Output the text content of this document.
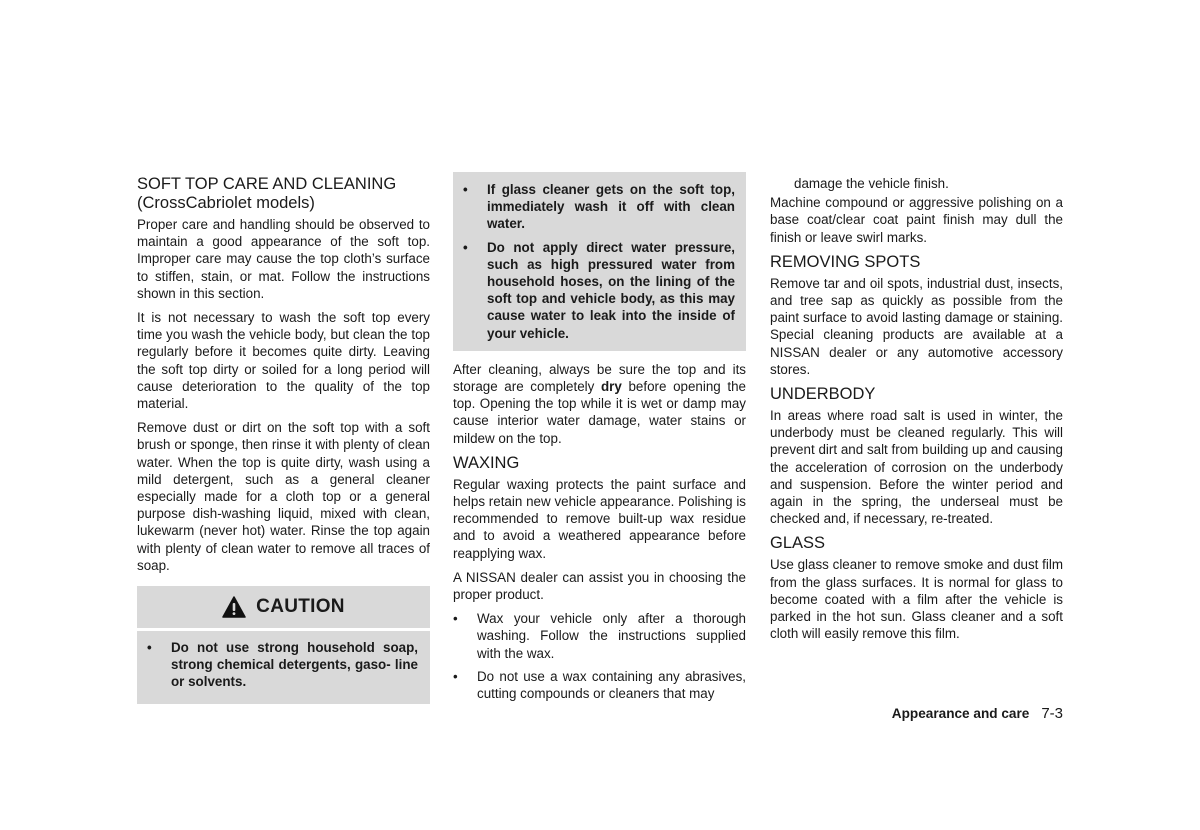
SOFT TOP CARE AND CLEANING
(CrossCabriolet models)

Proper care and handling should be observed to maintain a good appearance of the soft top. Improper care may cause the top cloth’s surface to stiffen, stain, or mat. Follow the instructions shown in this section.

It is not necessary to wash the soft top every time you wash the vehicle body, but clean the top regularly before it becomes quite dirty. Leaving the soft top dirty or soiled for a long period will cause deterioration to the quality of the top material.

Remove dust or dirt on the soft top with a soft brush or sponge, then rinse it with plenty of clean water. When the top is quite dirty, wash using a mild detergent, such as a general cleaner especially made for a cloth top or a general purpose dish-washing liquid, mixed with clean, lukewarm (never hot) water. Rinse the top again with plenty of clean water to remove all traces of soap.

CAUTION
• Do not use strong household soap, strong chemical detergents, gaso- line or solvents.
• If glass cleaner gets on the soft top, immediately wash it off with clean water.
• Do not apply direct water pressure, such as high pressured water from household hoses, on the lining of the soft top and vehicle body, as this may cause water to leak into the inside of your vehicle.

After cleaning, always be sure the top and its storage are completely dry before opening the top. Opening the top while it is wet or damp may cause interior water damage, water stains or mildew on the top.

WAXING

Regular waxing protects the paint surface and helps retain new vehicle appearance. Polishing is recommended to remove built-up wax residue and to avoid a weathered appearance before reapplying wax.

A NISSAN dealer can assist you in choosing the proper product.

• Wax your vehicle only after a thorough washing. Follow the instructions supplied with the wax.
• Do not use a wax containing any abrasives, cutting compounds or cleaners that may

damage the vehicle finish.

Machine compound or aggressive polishing on a base coat/clear coat paint finish may dull the finish or leave swirl marks.

REMOVING SPOTS

Remove tar and oil spots, industrial dust, insects, and tree sap as quickly as possible from the paint surface to avoid lasting damage or staining. Special cleaning products are available at a NISSAN dealer or any automotive accessory stores.

UNDERBODY

In areas where road salt is used in winter, the underbody must be cleaned regularly. This will prevent dirt and salt from building up and causing the acceleration of corrosion on the underbody and suspension. Before the winter period and again in the spring, the underseal must be checked and, if necessary, re-treated.

GLASS

Use glass cleaner to remove smoke and dust film from the glass surfaces. It is normal for glass to become coated with a film after the vehicle is parked in the hot sun. Glass cleaner and a soft cloth will easily remove this film.

Appearance and care 7-3
